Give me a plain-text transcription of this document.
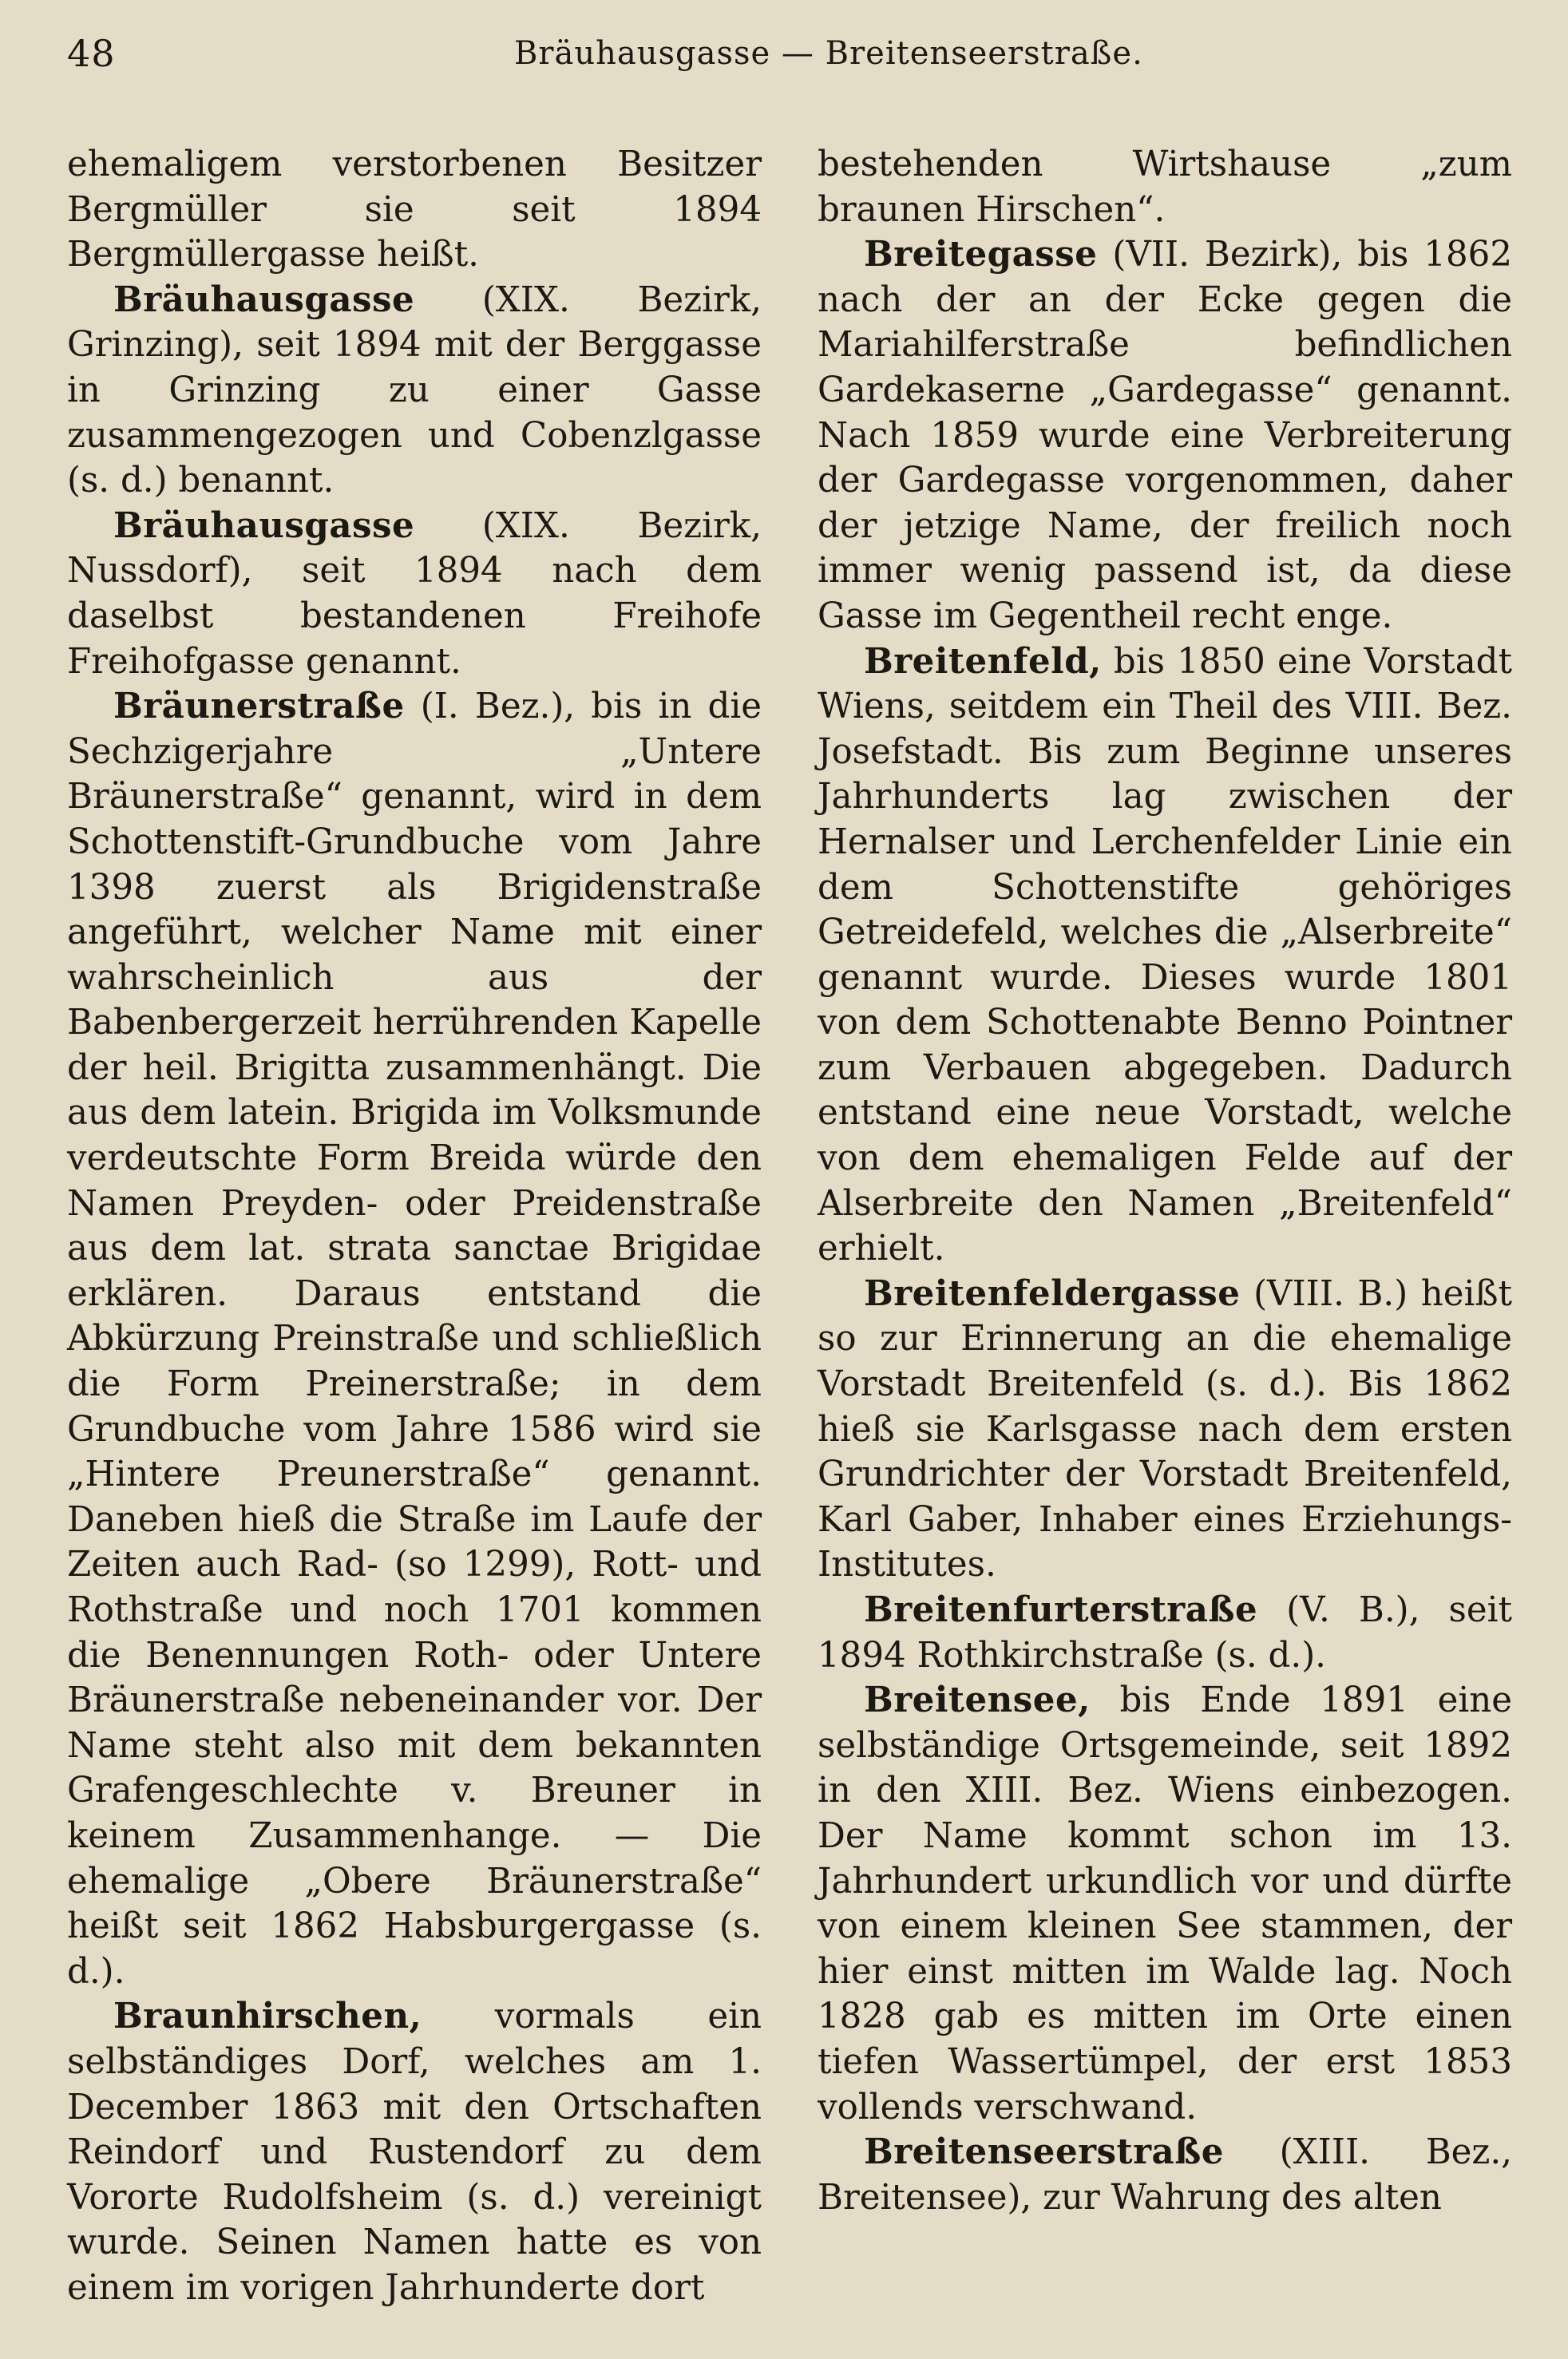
48	Bräuhausgasse — Breitenseerstraße.

ehemaligem verstorbenen Besitzer Bergmüller sie seit 1894 Bergmüllergasse heißt.

Bräuhausgasse (XIX. Bezirk, Grinzing), seit 1894 mit der Berggasse in Grinzing zu einer Gasse zusammengezogen und Cobenzlgasse (s. d.) benannt.

Bräuhausgasse (XIX. Bezirk, Nussdorf), seit 1894 nach dem daselbst bestandenen Freihofe Freihofgasse genannt.

Bräunerstraße (I. Bez.), bis in die Sechzigerjahre „Untere Bräunerstraße“ genannt, wird in dem Schottenstift-Grundbuche vom Jahre 1398 zuerst als Brigidenstraße angeführt, welcher Name mit einer wahrscheinlich aus der Babenbergerzeit herrührenden Kapelle der heil. Brigitta zusammenhängt. Die aus dem latein. Brigida im Volksmunde verdeutschte Form Breida würde den Namen Preyden- oder Preidenstraße aus dem lat. strata sanctae Brigidae erklären. Daraus entstand die Abkürzung Preinstraße und schließlich die Form Preinerstraße; in dem Grundbuche vom Jahre 1586 wird sie „Hintere Preunerstraße“ genannt. Daneben hieß die Straße im Laufe der Zeiten auch Rad- (so 1299), Rott- und Rothstraße und noch 1701 kommen die Benennungen Roth- oder Untere Bräunerstraße nebeneinander vor. Der Name steht also mit dem bekannten Grafengeschlechte v. Breuner in keinem Zusammenhange. — Die ehemalige „Obere Bräunerstraße“ heißt seit 1862 Habsburgergasse (s. d.).

Braunhirschen, vormals ein selbständiges Dorf, welches am 1. December 1863 mit den Ortschaften Reindorf und Rustendorf zu dem Vororte Rudolfsheim (s. d.) vereinigt wurde. Seinen Namen hatte es von einem im vorigen Jahrhunderte dort

bestehenden Wirtshause „zum braunen Hirschen“.

Breitegasse (VII. Bezirk), bis 1862 nach der an der Ecke gegen die Mariahilferstraße befindlichen Gardekaserne „Gardegasse“ genannt. Nach 1859 wurde eine Verbreiterung der Gardegasse vorgenommen, daher der jetzige Name, der freilich noch immer wenig passend ist, da diese Gasse im Gegentheil recht enge.

Breitenfeld, bis 1850 eine Vorstadt Wiens, seitdem ein Theil des VIII. Bez. Josefstadt. Bis zum Beginne unseres Jahrhunderts lag zwischen der Hernalser und Lerchenfelder Linie ein dem Schottenstifte gehöriges Getreidefeld, welches die „Alserbreite“ genannt wurde. Dieses wurde 1801 von dem Schottenabte Benno Pointner zum Verbauen abgegeben. Dadurch entstand eine neue Vorstadt, welche von dem ehemaligen Felde auf der Alserbreite den Namen „Breitenfeld“ erhielt.

Breitenfeldergasse (VIII. B.) heißt so zur Erinnerung an die ehemalige Vorstadt Breitenfeld (s. d.). Bis 1862 hieß sie Karlsgasse nach dem ersten Grundrichter der Vorstadt Breitenfeld, Karl Gaber, Inhaber eines Erziehungs-Institutes.

Breitenfurterstraße (V. B.), seit 1894 Rothkirchstraße (s. d.).

Breitensee, bis Ende 1891 eine selbständige Ortsgemeinde, seit 1892 in den XIII. Bez. Wiens einbezogen. Der Name kommt schon im 13. Jahrhundert urkundlich vor und dürfte von einem kleinen See stammen, der hier einst mitten im Walde lag. Noch 1828 gab es mitten im Orte einen tiefen Wassertümpel, der erst 1853 vollends verschwand.

Breitenseerstraße (XIII. Bez., Breitensee), zur Wahrung des alten
